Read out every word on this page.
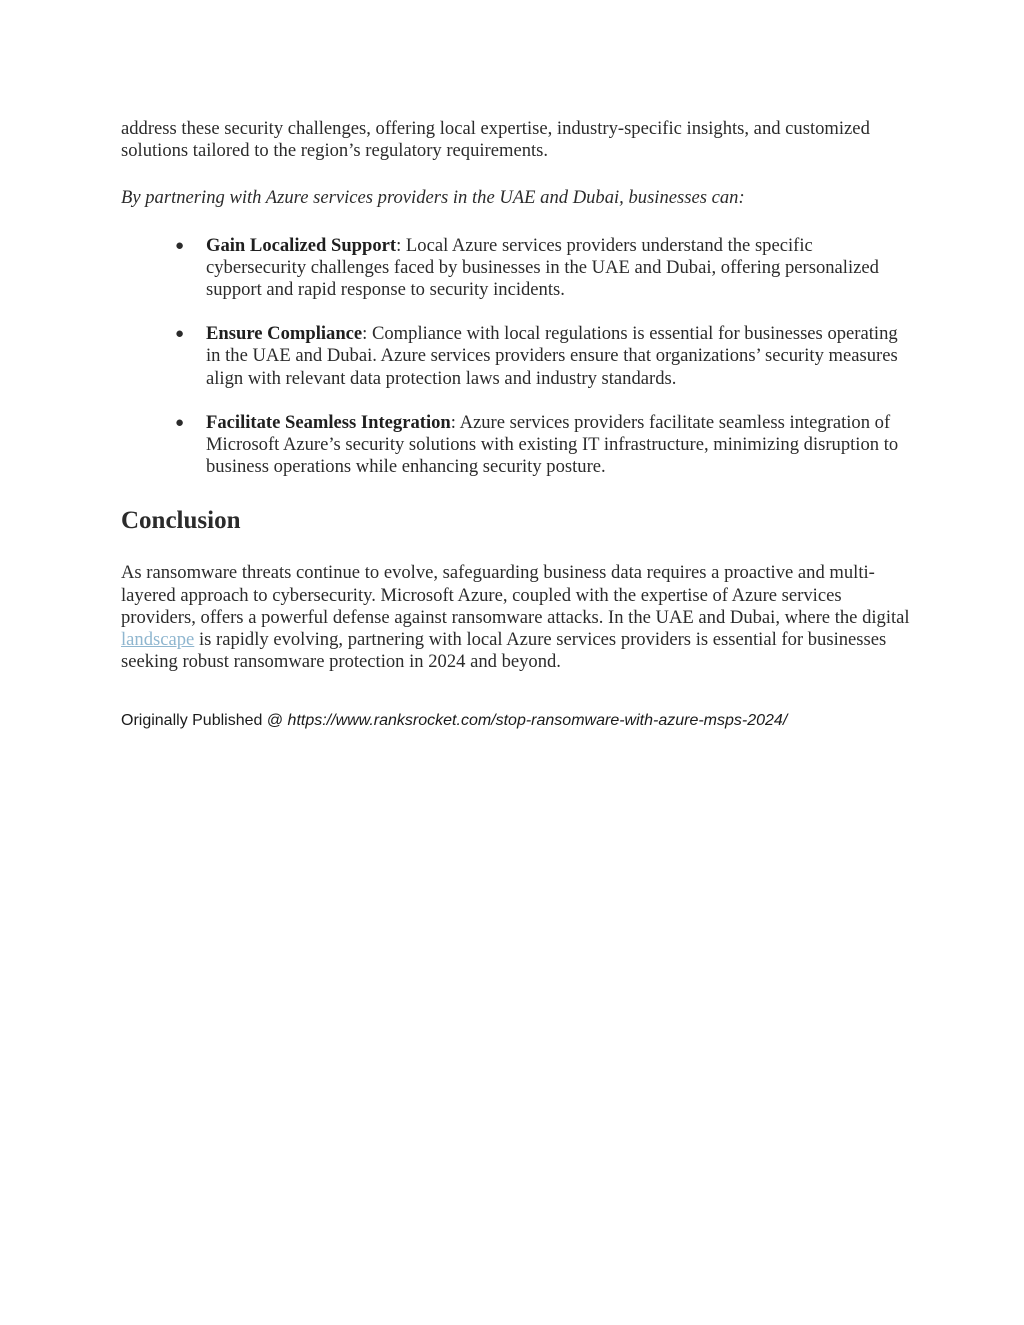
address these security challenges, offering local expertise, industry-specific insights, and customized solutions tailored to the region’s regulatory requirements.

By partnering with Azure services providers in the UAE and Dubai, businesses can:

● Gain Localized Support: Local Azure services providers understand the specific cybersecurity challenges faced by businesses in the UAE and Dubai, offering personalized support and rapid response to security incidents.
● Ensure Compliance: Compliance with local regulations is essential for businesses operating in the UAE and Dubai. Azure services providers ensure that organizations’ security measures align with relevant data protection laws and industry standards.
● Facilitate Seamless Integration: Azure services providers facilitate seamless integration of Microsoft Azure’s security solutions with existing IT infrastructure, minimizing disruption to business operations while enhancing security posture.
Conclusion

As ransomware threats continue to evolve, safeguarding business data requires a proactive and multi-layered approach to cybersecurity. Microsoft Azure, coupled with the expertise of Azure services providers, offers a powerful defense against ransomware attacks. In the UAE and Dubai, where the digital landscape is rapidly evolving, partnering with local Azure services providers is essential for businesses seeking robust ransomware protection in 2024 and beyond.

Originally Published @ https://www.ranksrocket.com/stop-ransomware-with-azure-msps-2024/
